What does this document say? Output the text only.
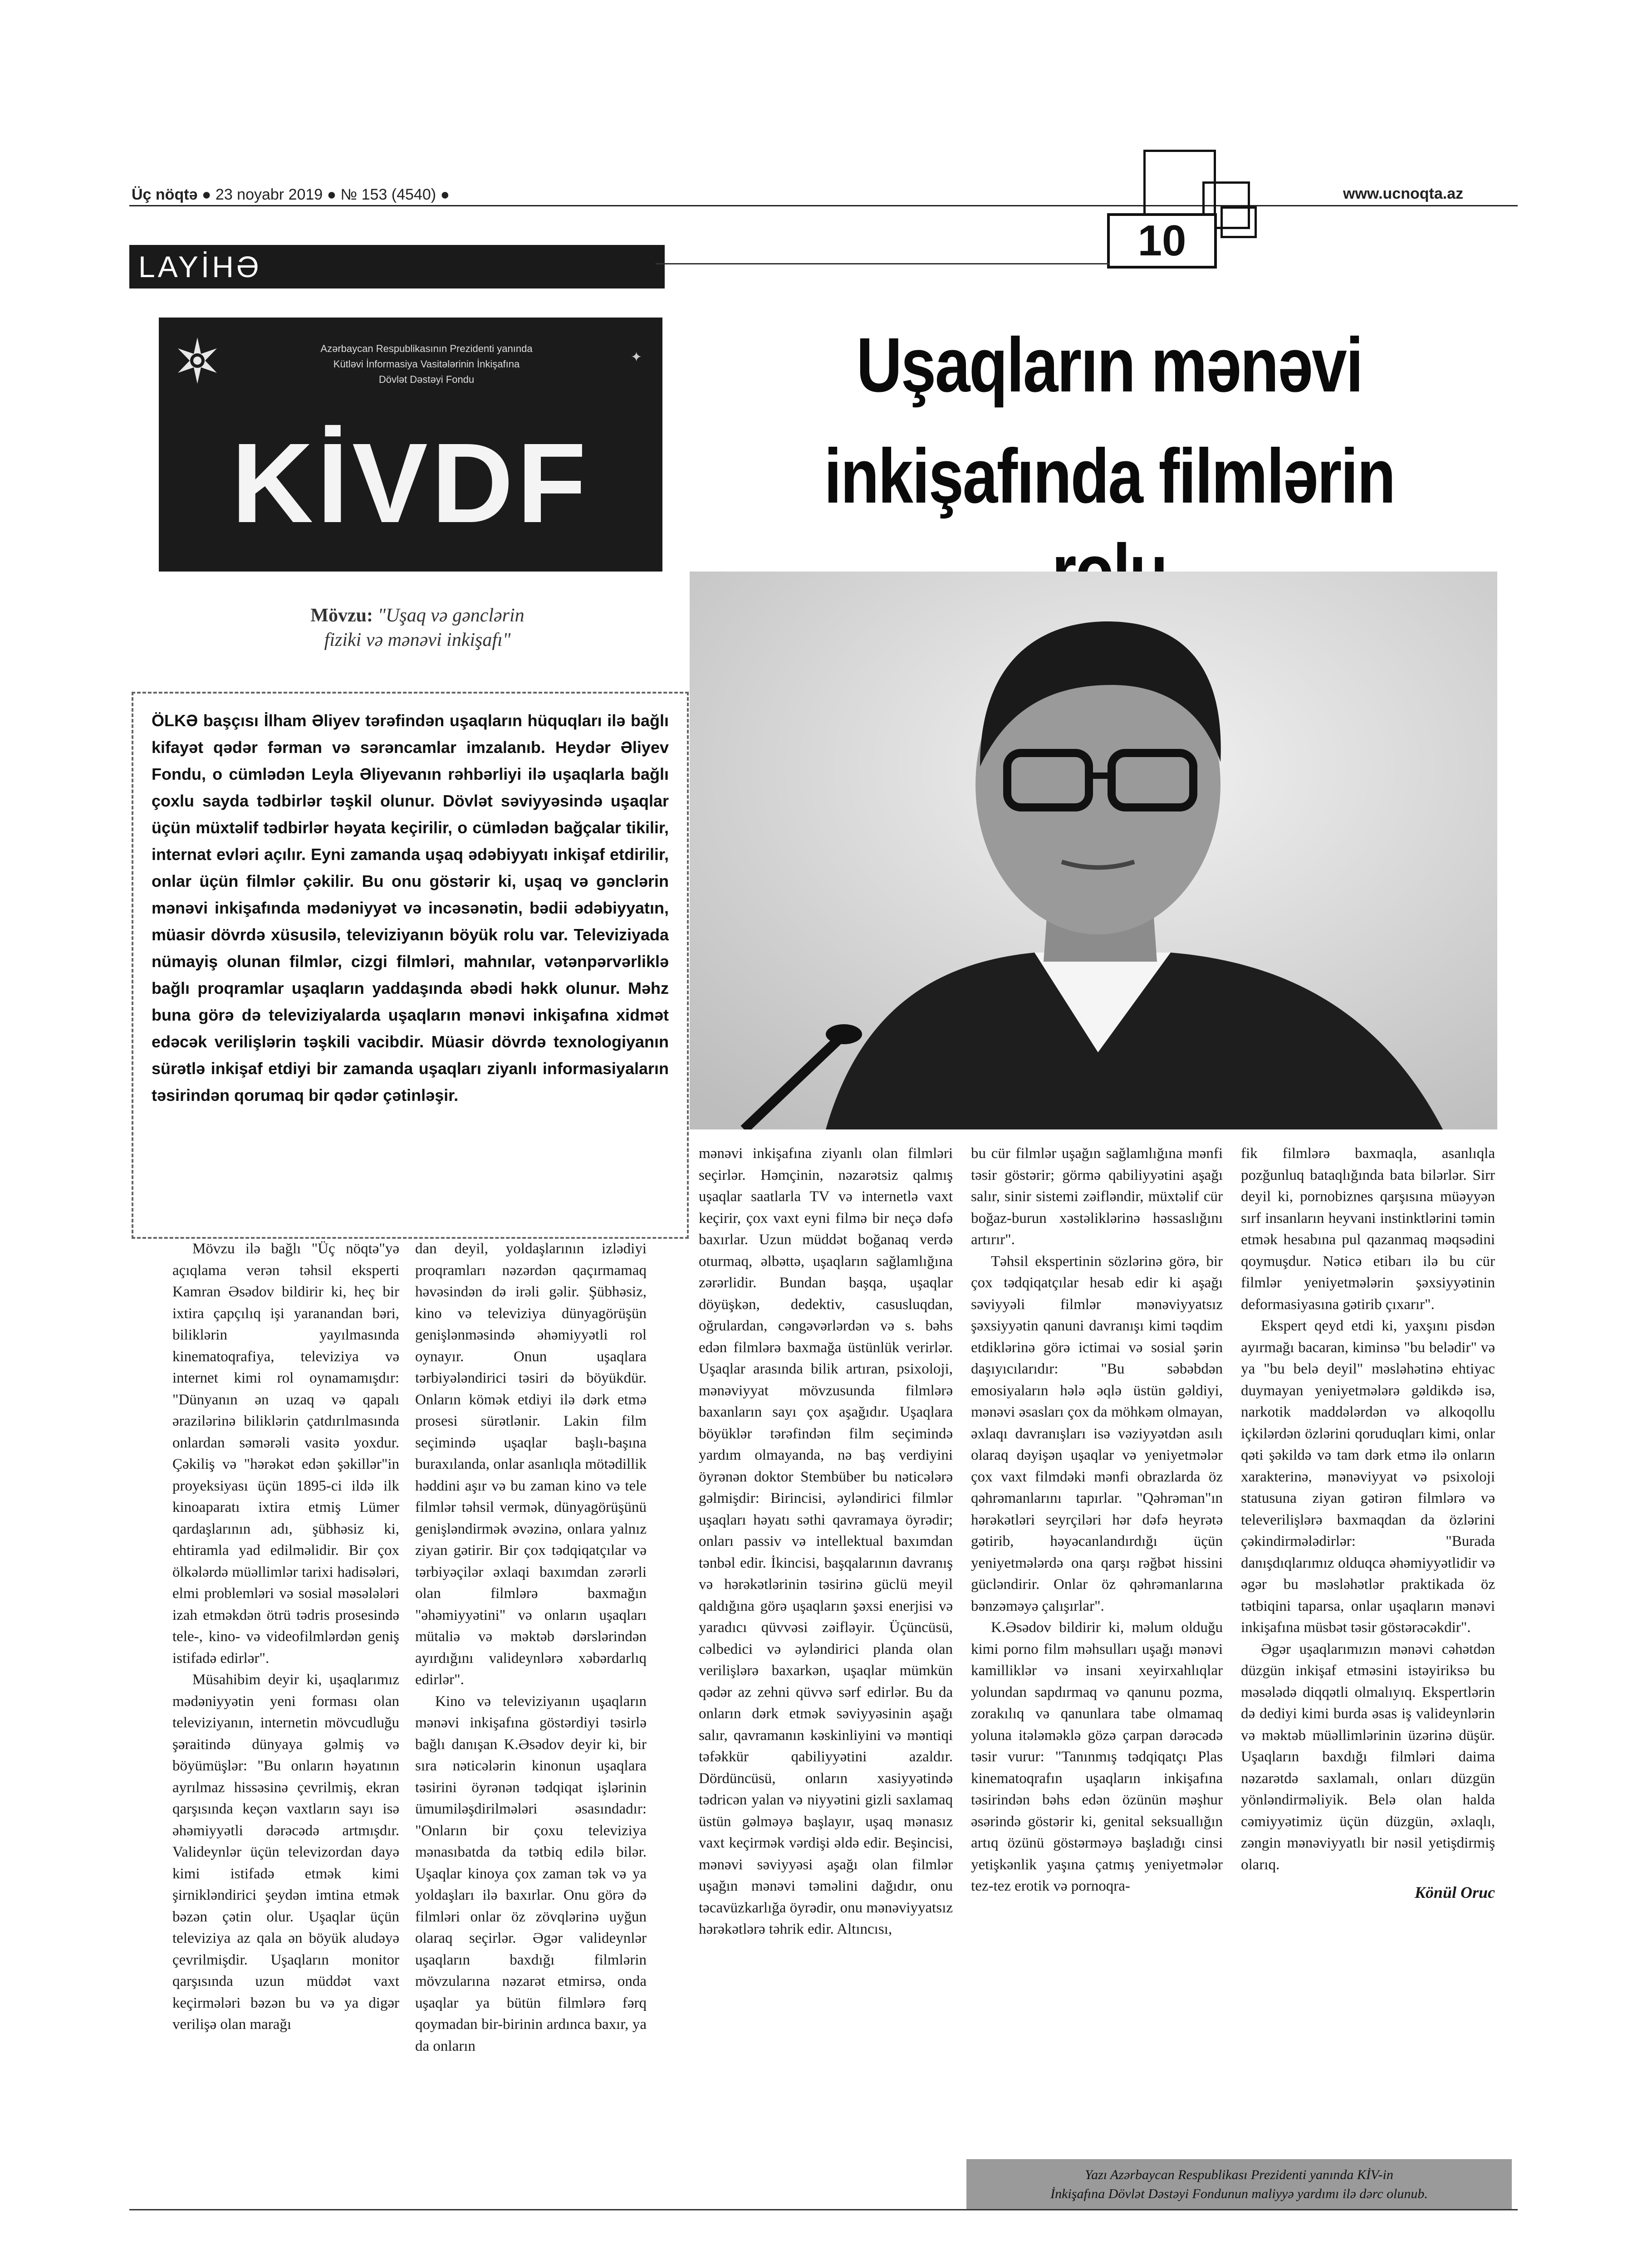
Üç nöqtə ● 23 noyabr 2019 ● № 153 (4540) ●	www.ucnoqta.az
10
LAYİHƏ
Azərbaycan Respublikasının Prezidenti yanında
Kütləvi İnformasiya Vasitələrinin İnkişafına
Dövlət Dəstəyi Fondu
✦
KİVDF
Mövzu: "Uşaq və gənclərin
fiziki və mənəvi inkişafı"
Uşaqların mənəvi
inkişafında filmlərin
ÖLKƏ başçısı İlham Əliyev tərəfindən uşaqların hüquqları ilə bağlı kifayət qədər fərman və sərəncamlar imzalanıb. Heydər Əliyev Fondu, o cümlədən Leyla Əliyevanın rəhbərliyi ilə uşaqlarla bağlı çoxlu sayda tədbirlər təşkil olunur. Dövlət səviyyəsində uşaqlar üçün müxtəlif tədbirlər həyata keçirilir, o cümlədən bağçalar tikilir, internat evləri açılır. Eyni zamanda uşaq ədəbiyyatı inkişaf etdirilir, onlar üçün filmlər çəkilir. Bu onu göstərir ki, uşaq və gənclərin mənəvi inkişafında mədəniyyət və incəsənətin, bədii ədəbiyyatın, müasir dövrdə xüsusilə, televiziyanın böyük rolu var. Televiziyada nümayiş olunan filmlər, cizgi filmləri, mahnılar, vətənpərvərliklə bağlı proqramlar uşaqların yaddaşında əbədi həkk olunur. Məhz buna görə də televiziyalarda uşaqların mənəvi inkişafına xidmət edəcək verilişlərin təşkili vacibdir. Müasir dövrdə texnologiyanın sürətlə inkişaf etdiyi bir zamanda uşaqları ziyanlı informasiyaların təsirindən qorumaq bir qədər çətinləşir.

Mövzu ilə bağlı "Üç nöqtə"yə açıqlama verən təhsil eksperti Kamran Əsədov bildirir ki, heç bir ixtira çapçılıq işi yaranandan bəri, biliklərin yayılmasında kinematoqrafiya, televiziya və internet kimi rol oynamamışdır: "Dünyanın ən uzaq və qapalı ərazilərinə biliklərin çatdırılmasında onlardan səmərəli vasitə yoxdur. Çəkiliş və "hərəkət edən şəkillər"in proyeksiyası üçün 1895-ci ildə ilk kinoaparatı ixtira etmiş Lümer qardaşlarının adı, şübhəsiz ki, ehtiramla yad edilməlidir. Bir çox ölkələrdə müəllimlər tarixi hadisələri, elmi problemləri və sosial məsələləri izah etməkdən ötrü tədris prosesində tele-, kino- və videofilmlərdən geniş istifadə edirlər".

Müsahibim deyir ki, uşaqlarımız mədəniyyətin yeni forması olan televiziyanın, internetin mövcudluğu şəraitində dünyaya gəlmiş və böyümüşlər: "Bu onların həyatının ayrılmaz hissəsinə çevrilmiş, ekran qarşısında keçən vaxtların sayı isə əhəmiyyətli dərəcədə artmışdır. Valideynlər üçün televizordan dayə kimi istifadə etmək kimi şirnikləndirici şeydən imtina etmək bəzən çətin olur. Uşaqlar üçün televiziya az qala ən böyük aludəyə çevrilmişdir. Uşaqların monitor qarşısında uzun müddət vaxt keçirmələri bəzən bu və ya digər verilişə olan marağı

dan deyil, yoldaşlarının izlədiyi proqramları nəzərdən qaçırmamaq həvəsindən də irəli gəlir. Şübhəsiz, kino və televiziya dünyagörüşün genişlənməsində əhəmiyyətli rol oynayır. Onun uşaqlara tərbiyələndirici təsiri də böyükdür. Onların kömək etdiyi ilə dərk etmə prosesi sürətlənir. Lakin film seçimində uşaqlar başlı-başına buraxılanda, onlar asanlıqla mötədillik həddini aşır və bu zaman kino və tele filmlər təhsil vermək, dünyagörüşünü genişləndirmək əvəzinə, onlara yalnız ziyan gətirir. Bir çox tədqiqatçılar və tərbiyəçilər əxlaqi baxımdan zərərli olan filmlərə baxmağın "əhəmiyyətini" və onların uşaqları mütaliə və məktəb dərslərindən ayırdığını valideynlərə xəbərdarlıq edirlər".

Kino və televiziyanın uşaqların mənəvi inkişafına göstərdiyi təsirlə bağlı danışan K.Əsədov deyir ki, bir sıra nəticələrin kinonun uşaqlara təsirini öyrənən tədqiqat işlərinin ümumiləşdirilmələri əsasındadır: "Onların bir çoxu televiziya mənasıbatda da tətbiq edilə bilər. Uşaqlar kinoya çox zaman tək və ya yoldaşları ilə baxırlar. Onu görə də filmləri onlar öz zövqlərinə uyğun olaraq seçirlər. Əgər valideynlər uşaqların baxdığı filmlərin mövzularına nəzarət etmirsə, onda uşaqlar ya bütün filmlərə fərq qoymadan bir-birinin ardınca baxır, ya da onların

mənəvi inkişafına ziyanlı olan filmləri seçirlər. Həmçinin, nəzarətsiz qalmış uşaqlar saatlarla TV və internetlə vaxt keçirir, çox vaxt eyni filmə bir neçə dəfə baxırlar. Uzun müddət boğanaq verdə oturmaq, əlbəttə, uşaqların sağlamlığına zərərlidir. Bundan başqa, uşaqlar döyüşkən, dedektiv, casusluqdan, oğrulardan, cəngəvərlərdən və s. bəhs edən filmlərə baxmağa üstünlük verirlər. Uşaqlar arasında bilik artıran, psixoloji, mənəviyyat mövzusunda filmlərə baxanların sayı çox aşağıdır. Uşaqlara böyüklər tərəfindən film seçimində yardım olmayanda, nə baş verdiyini öyrənən doktor Stembüber bu nəticələrə gəlmişdir: Birincisi, əyləndirici filmlər uşaqları həyatı səthi qavramaya öyrədir; onları passiv və intellektual baxımdan tənbəl edir. İkincisi, başqalarının davranış və hərəkətlərinin təsirinə güclü meyil qaldığına görə uşaqların şəxsi enerjisi və yaradıcı qüvvəsi zəifləyir. Üçüncüsü, cəlbedici və əyləndirici planda olan verilişlərə baxarkən, uşaqlar mümkün qədər az zehni qüvvə sərf edirlər. Bu da onların dərk etmək səviyyəsinin aşağı salır, qavramanın kəskinliyini və məntiqi təfəkkür qabiliyyətini azaldır. Dördüncüsü, onların xasiyyətində tədricən yalan və niyyətini gizli saxlamaq üstün gəlməyə başlayır, uşaq mənasız vaxt keçirmək vərdişi əldə edir. Beşincisi, mənəvi səviyyəsi aşağı olan filmlər uşağın mənəvi təməlini dağıdır, onu təcavüzkarlığa öyrədir, onu mənəviyyatsız hərəkətlərə təhrik edir. Altıncısı,

bu cür filmlər uşağın sağlamlığına mənfi təsir göstərir; görmə qabiliyyətini aşağı salır, sinir sistemi zəifləndir, müxtəlif cür boğaz-burun xəstəliklərinə həssaslığını artırır".

Təhsil ekspertinin sözlərinə görə, bir çox tədqiqatçılar hesab edir ki aşağı səviyyəli filmlər mənəviyyatsız şəxsiyyətin qanuni davranışı kimi təqdim etdiklərinə görə ictimai və sosial şərin daşıyıcılarıdır: "Bu səbəbdən emosiyaların hələ əqlə üstün gəldiyi, mənəvi əsasları çox da möhkəm olmayan, əxlaqı davranışları isə vəziyyətdən asılı olaraq dəyişən uşaqlar və yeniyetmələr çox vaxt filmdəki mənfi obrazlarda öz qəhrəmanlarını tapırlar. "Qəhrəman"ın hərəkətləri seyrçiləri hər dəfə heyrətə gətirib, həyəcanlandırdığı üçün yeniyetmələrdə ona qarşı rəğbət hissini gücləndirir. Onlar öz qəhrəmanlarına bənzəməyə çalışırlar".

K.Əsədov bildirir ki, məlum olduğu kimi porno film məhsulları uşağı mənəvi kamilliklər və insani xeyirxahlıqlar yolundan sapdırmaq və qanunu pozma, zorakılıq və qanunlara tabe olmamaq yoluna itələməklə gözə çarpan dərəcədə təsir vurur: "Tanınmış tədqiqatçı Plas kinematoqrafın uşaqların inkişafına təsirindən bəhs edən özünün məşhur əsərində göstərir ki, genital seksuallığın artıq özünü göstərməyə başladığı cinsi yetişkənlik yaşına çatmış yeniyetmələr tez-tez erotik və pornoqra-

fik filmlərə baxmaqla, asanlıqla pozğunluq bataqlığında bata bilərlər. Sirr deyil ki, pornobiznes qarşısına müəyyən sırf insanların heyvani instinktlərini təmin etmək hesabına pul qazanmaq məqsədini qoymuşdur. Nəticə etibarı ilə bu cür filmlər yeniyetmələrin şəxsiyyətinin deformasiyasına gətirib çıxarır".

Ekspert qeyd etdi ki, yaxşını pisdən ayırmağı bacaran, kiminsə "bu belədir" və ya "bu belə deyil" məsləhətinə ehtiyac duymayan yeniyetmələrə gəldikdə isə, narkotik maddələrdən və alkoqollu içkilərdən özlərini qoruduqları kimi, onlar qəti şəkildə və tam dərk etmə ilə onların xarakterinə, mənəviyyat və psixoloji statusuna ziyan gətirən filmlərə və televerilişlərə baxmaqdan da özlərini çəkindirmələdirlər: "Burada danışdıqlarımız olduqca əhəmiyyətlidir və əgər bu məsləhətlər praktikada öz tətbiqini taparsa, onlar uşaqların mənəvi inkişafına müsbət təsir göstərəcəkdir".

Əgər uşaqlarımızın mənəvi cəhətdən düzgün inkişaf etməsini istəyiriksə bu məsələdə diqqətli olmalıyıq. Ekspertlərin də dediyi kimi burda əsas iş valideynlərin və məktəb müəllimlərinin üzərinə düşür. Uşaqların baxdığı filmləri daima nəzarətdə saxlamalı, onları düzgün yönləndirməliyik. Belə olan halda cəmiyyətimiz üçün düzgün, əxlaqlı, zəngin mənəviyyatlı bir nəsil yetişdirmiş olarıq.

Könül Oruc
Yazı Azərbaycan Respublikası Prezidenti yanında KİV-in
İnkişafına Dövlət Dəstəyi Fondunun maliyyə yardımı ilə dərc olunub.
